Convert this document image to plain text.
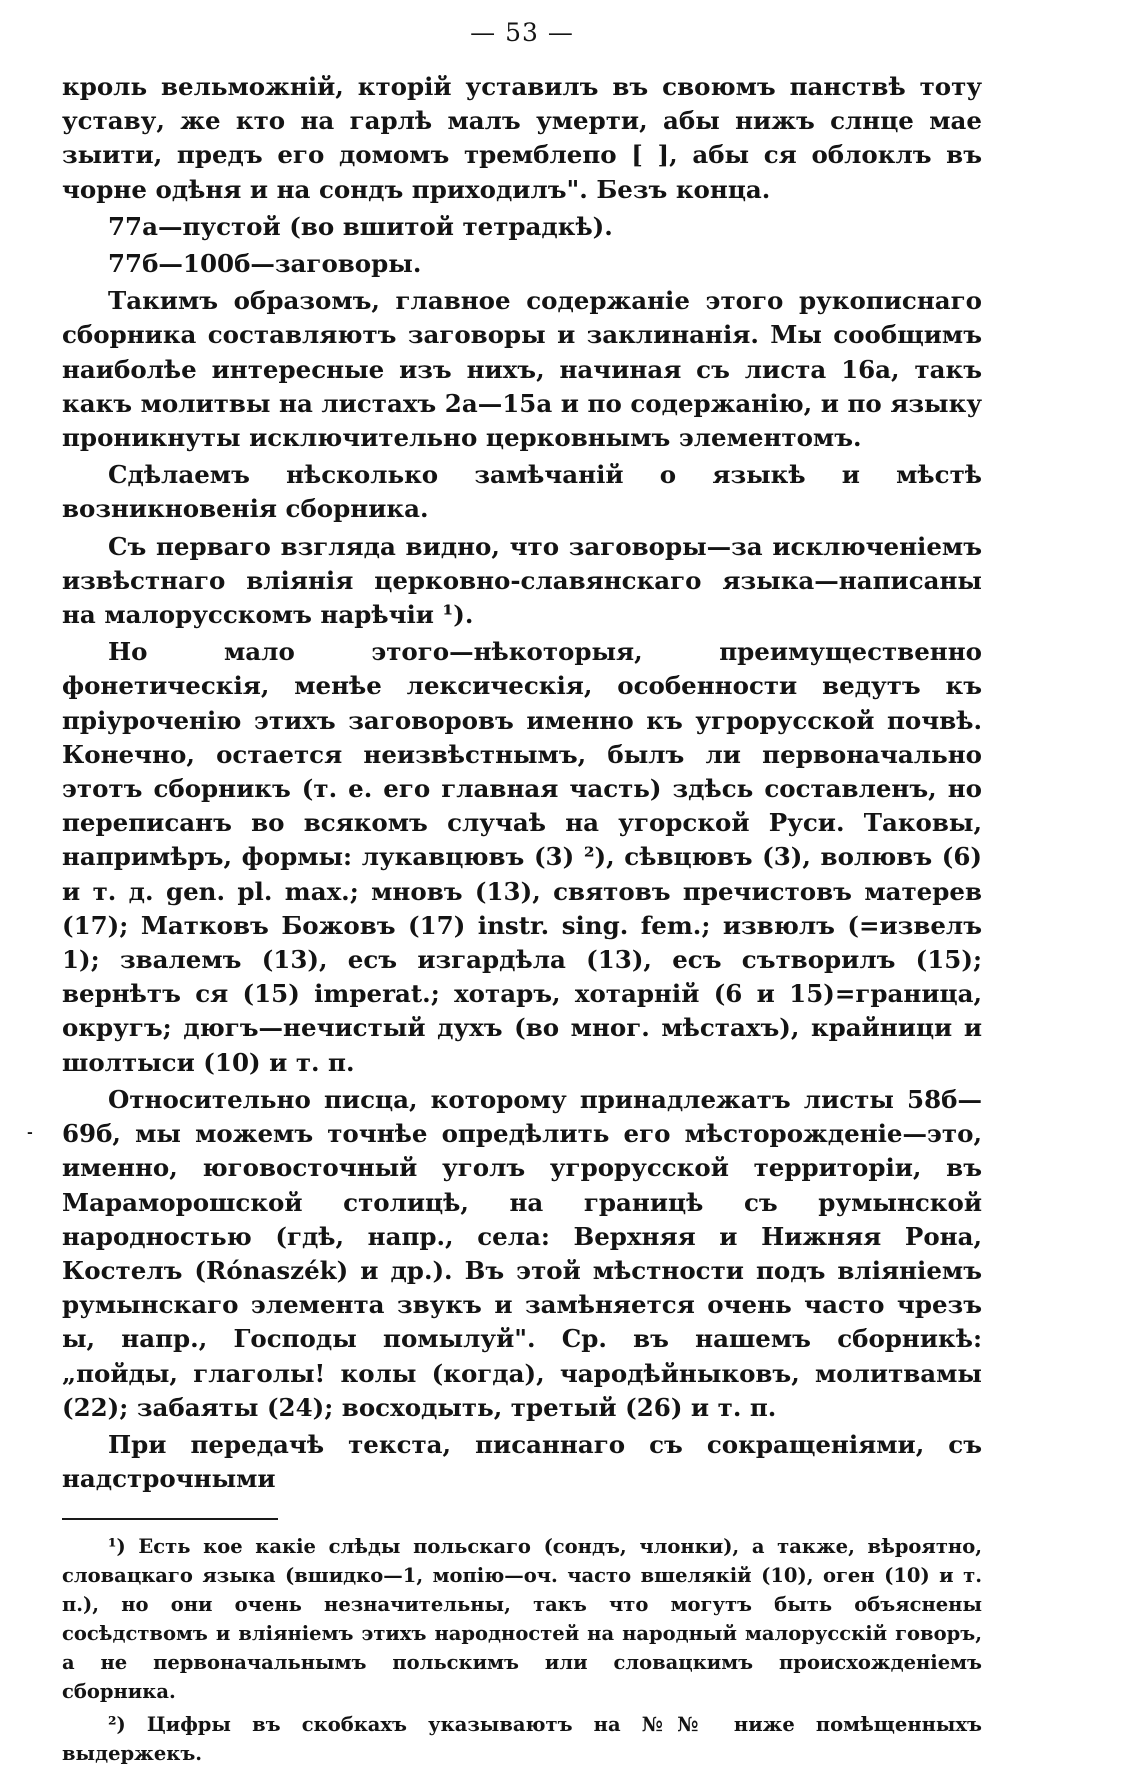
-
— 53 —

кроль вельможній, кторій уставилъ въ своюмъ панствѣ тоту уставу, же кто на гарлѣ малъ умерти, абы нижъ слнце мае зыити, предъ его домомъ тремблепо [ ], абы ся облоклъ въ чорне одѣня и на сондъ приходилъ". Безъ конца.

77а—пустой (во вшитой тетрадкѣ).

77б—100б—заговоры.

Такимъ образомъ, главное содержаніе этого рукописнаго сборника составляютъ заговоры и заклинанія. Мы сообщимъ наиболѣе интересные изъ нихъ, начиная съ листа 16а, такъ какъ молитвы на листахъ 2а—15а и по содержанію, и по языку проникнуты исключительно церковнымъ элементомъ.

Сдѣлаемъ нѣсколько замѣчаній о языкѣ и мѣстѣ возникновенія сборника.

Съ перваго взгляда видно, что заговоры—за исключеніемъ извѣстнаго влiянія церковно-славянскаго языка—написаны на малорусскомъ нарѣчіи ¹).

Но мало этого—нѣкоторыя, преимущественно фонетическія, менѣе лексическія, особенности ведутъ къ пріуроченiю этихъ заговоровъ именно къ угрорусской почвѣ. Конечно, остается неизвѣстнымъ, былъ ли первоначально этотъ сборникъ (т. е. его главная часть) здѣсь составленъ, но переписанъ во всякомъ случаѣ на угорской Руси. Таковы, напримѣръ, формы: лукавцювъ (3) ²), сѣвцювъ (3), волювъ (6) и т. д. gen. pl. max.; мновъ (13), святовъ пречистовъ матерев (17); Матковъ Божовъ (17) instr. sing. fem.; извюлъ (=извелъ 1); звалемъ (13), есъ изгардѣла (13), есъ сътворилъ (15); вернѣтъ ся (15) imperat.; хотаръ, хотарній (6 и 15)=граница, округъ; дюгъ—нечистый духъ (во мног. мѣстахъ), крайници и шолтыси (10) и т. п.

Относительно писца, которому принадлежатъ листы 58б—69б, мы можемъ точнѣе опредѣлить его мѣсторожденіе—это, именно, юговосточный уголъ угрорусской территоріи, въ Мараморошской столицѣ, на границѣ съ румынской народностью (гдѣ, напр., села: Верхняя и Нижняя Рона, Костелъ (Rónaszék) и др.). Въ этой мѣстности подъ влiяніемъ румынскаго элемента звукъ и замѣняется очень часто чрезъ ы, напр., Господы помылуй". Ср. въ нашемъ сборникѣ: „пойды, глаголы! колы (когда), чародѣйныковъ, молитвамы (22); забаяты (24); восходыть, третый (26) и т. п.

При передачѣ текста, писаннаго съ сокращеніями, съ надстрочными

¹) Есть кое какіе слѣды польскаго (сондъ, члонки), а также, вѣроятно, словацкаго языка (вшидко—1, мопiю—оч. часто вшелякiй (10), оген (10) и т. п.), но они очень незначительны, такъ что могутъ быть объяснены сосѣдствомъ и влiяніемъ этихъ народностей на народный малорусскій говоръ, а не первоначальнымъ польскимъ или словацкимъ происхожденіемъ сборника.

²) Цифры въ скобкахъ указываютъ на №№ ниже помѣщенныхъ выдержекъ.
